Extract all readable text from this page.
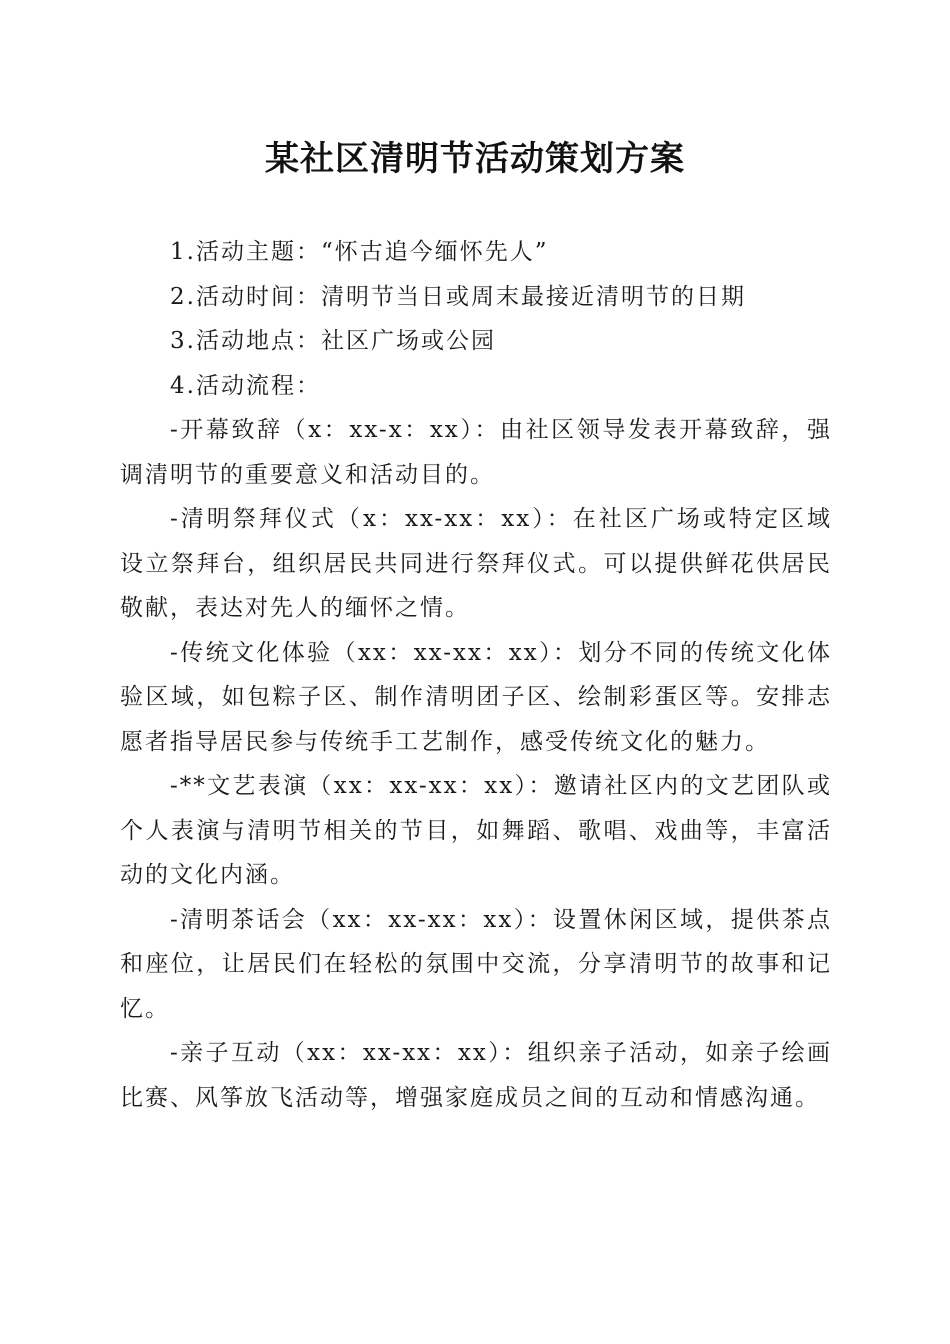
某社区清明节活动策划方案

1.活动主题：“怀古追今缅怀先人”

2.活动时间：清明节当日或周末最接近清明节的日期

3.活动地点：社区广场或公园

4.活动流程：

-开幕致辞（x：xx-x：xx）：由社区领导发表开幕致辞，强调清明节的重要意义和活动目的。

-清明祭拜仪式（x：xx-xx：xx）：在社区广场或特定区域设立祭拜台，组织居民共同进行祭拜仪式。可以提供鲜花供居民敬献，表达对先人的缅怀之情。

-传统文化体验（xx：xx-xx：xx）：划分不同的传统文化体验区域，如包粽子区、制作清明团子区、绘制彩蛋区等。安排志愿者指导居民参与传统手工艺制作，感受传统文化的魅力。

-**文艺表演（xx：xx-xx：xx）：邀请社区内的文艺团队或个人表演与清明节相关的节目，如舞蹈、歌唱、戏曲等，丰富活动的文化内涵。

-清明茶话会（xx：xx-xx：xx）：设置休闲区域，提供茶点和座位，让居民们在轻松的氛围中交流，分享清明节的故事和记忆。

-亲子互动（xx：xx-xx：xx）：组织亲子活动，如亲子绘画比赛、风筝放飞活动等，增强家庭成员之间的互动和情感沟通。
